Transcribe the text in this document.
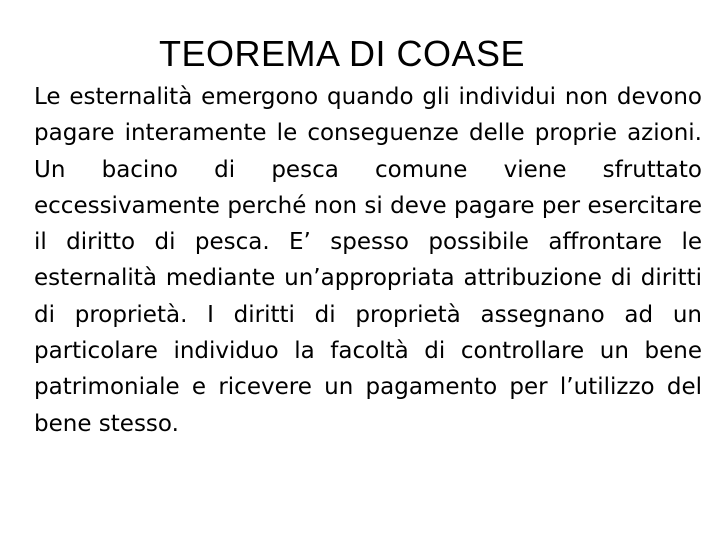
TEOREMA DI COASE

Le esternalità emergono quando gli individui non devono pagare interamente le conseguenze delle proprie azioni. Un bacino di pesca comune viene sfruttato eccessivamente perché non si deve pagare per esercitare il diritto di pesca. E’ spesso possibile affrontare le esternalità mediante un’appropriata attribuzione di diritti di proprietà. I diritti di proprietà assegnano ad un particolare individuo la facoltà di controllare un bene patrimoniale e ricevere un pagamento per l’utilizzo del bene stesso.
